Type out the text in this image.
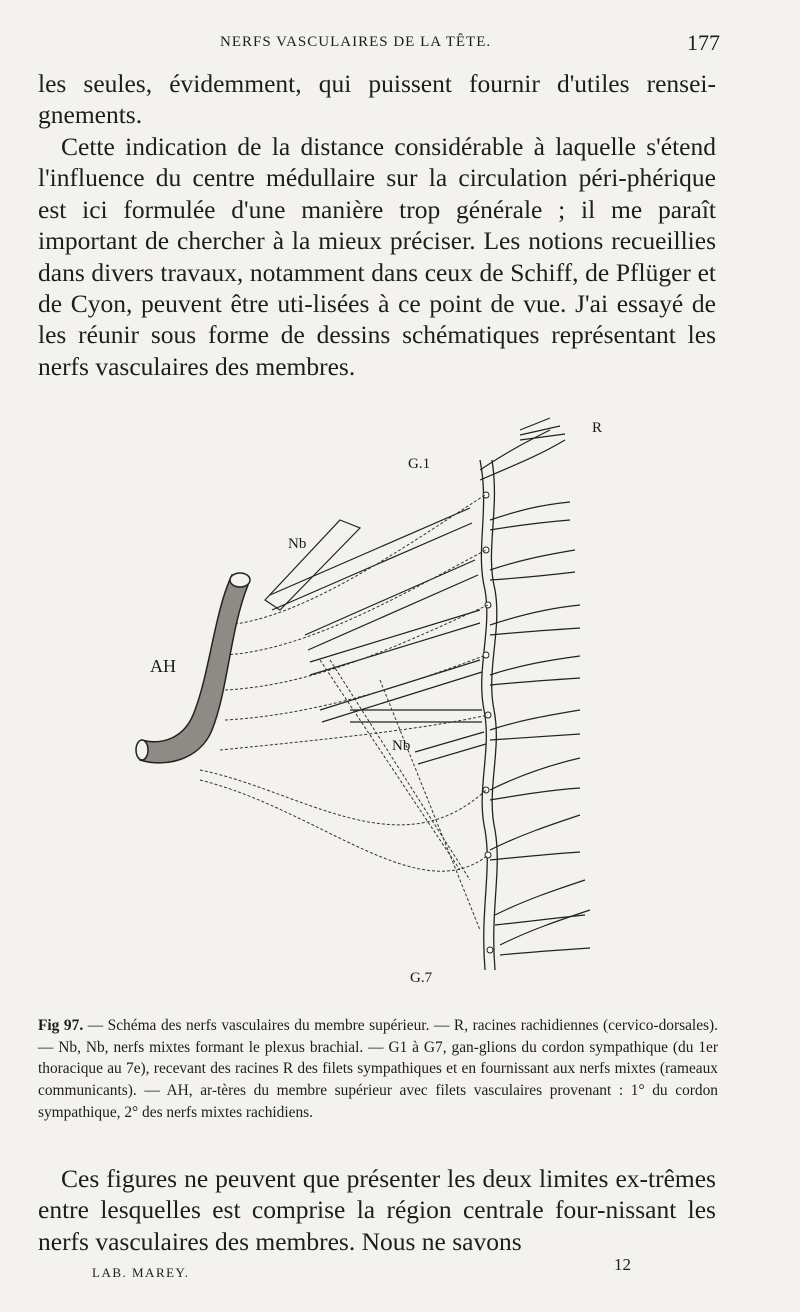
NERFS VASCULAIRES DE LA TÊTE.	177

les seules, évidemment, qui puissent fournir d'utiles rensei-gnements.

Cette indication de la distance considérable à laquelle s'étend l'influence du centre médullaire sur la circulation péri-phérique est ici formulée d'une manière trop générale ; il me paraît important de chercher à la mieux préciser. Les notions recueillies dans divers travaux, notamment dans ceux de Schiff, de Pflüger et de Cyon, peuvent être uti-lisées à ce point de vue. J'ai essayé de les réunir sous forme de dessins schématiques représentant les nerfs vasculaires des membres.

R
G.1
G.7
Nb
Nb
AH

Fig 97. — Schéma des nerfs vasculaires du membre supérieur. — R, racines rachidiennes (cervico-dorsales). — Nb, Nb, nerfs mixtes formant le plexus brachial. — G1 à G7, gan-glions du cordon sympathique (du 1er thoracique au 7e), recevant des racines R des filets sympathiques et en fournissant aux nerfs mixtes (rameaux communicants). — AH, ar-tères du membre supérieur avec filets vasculaires provenant : 1° du cordon sympathique, 2° des nerfs mixtes rachidiens.

Ces figures ne peuvent que présenter les deux limites ex-trêmes entre lesquelles est comprise la région centrale four-nissant les nerfs vasculaires des membres. Nous ne savons

LAB. MAREY.	12
